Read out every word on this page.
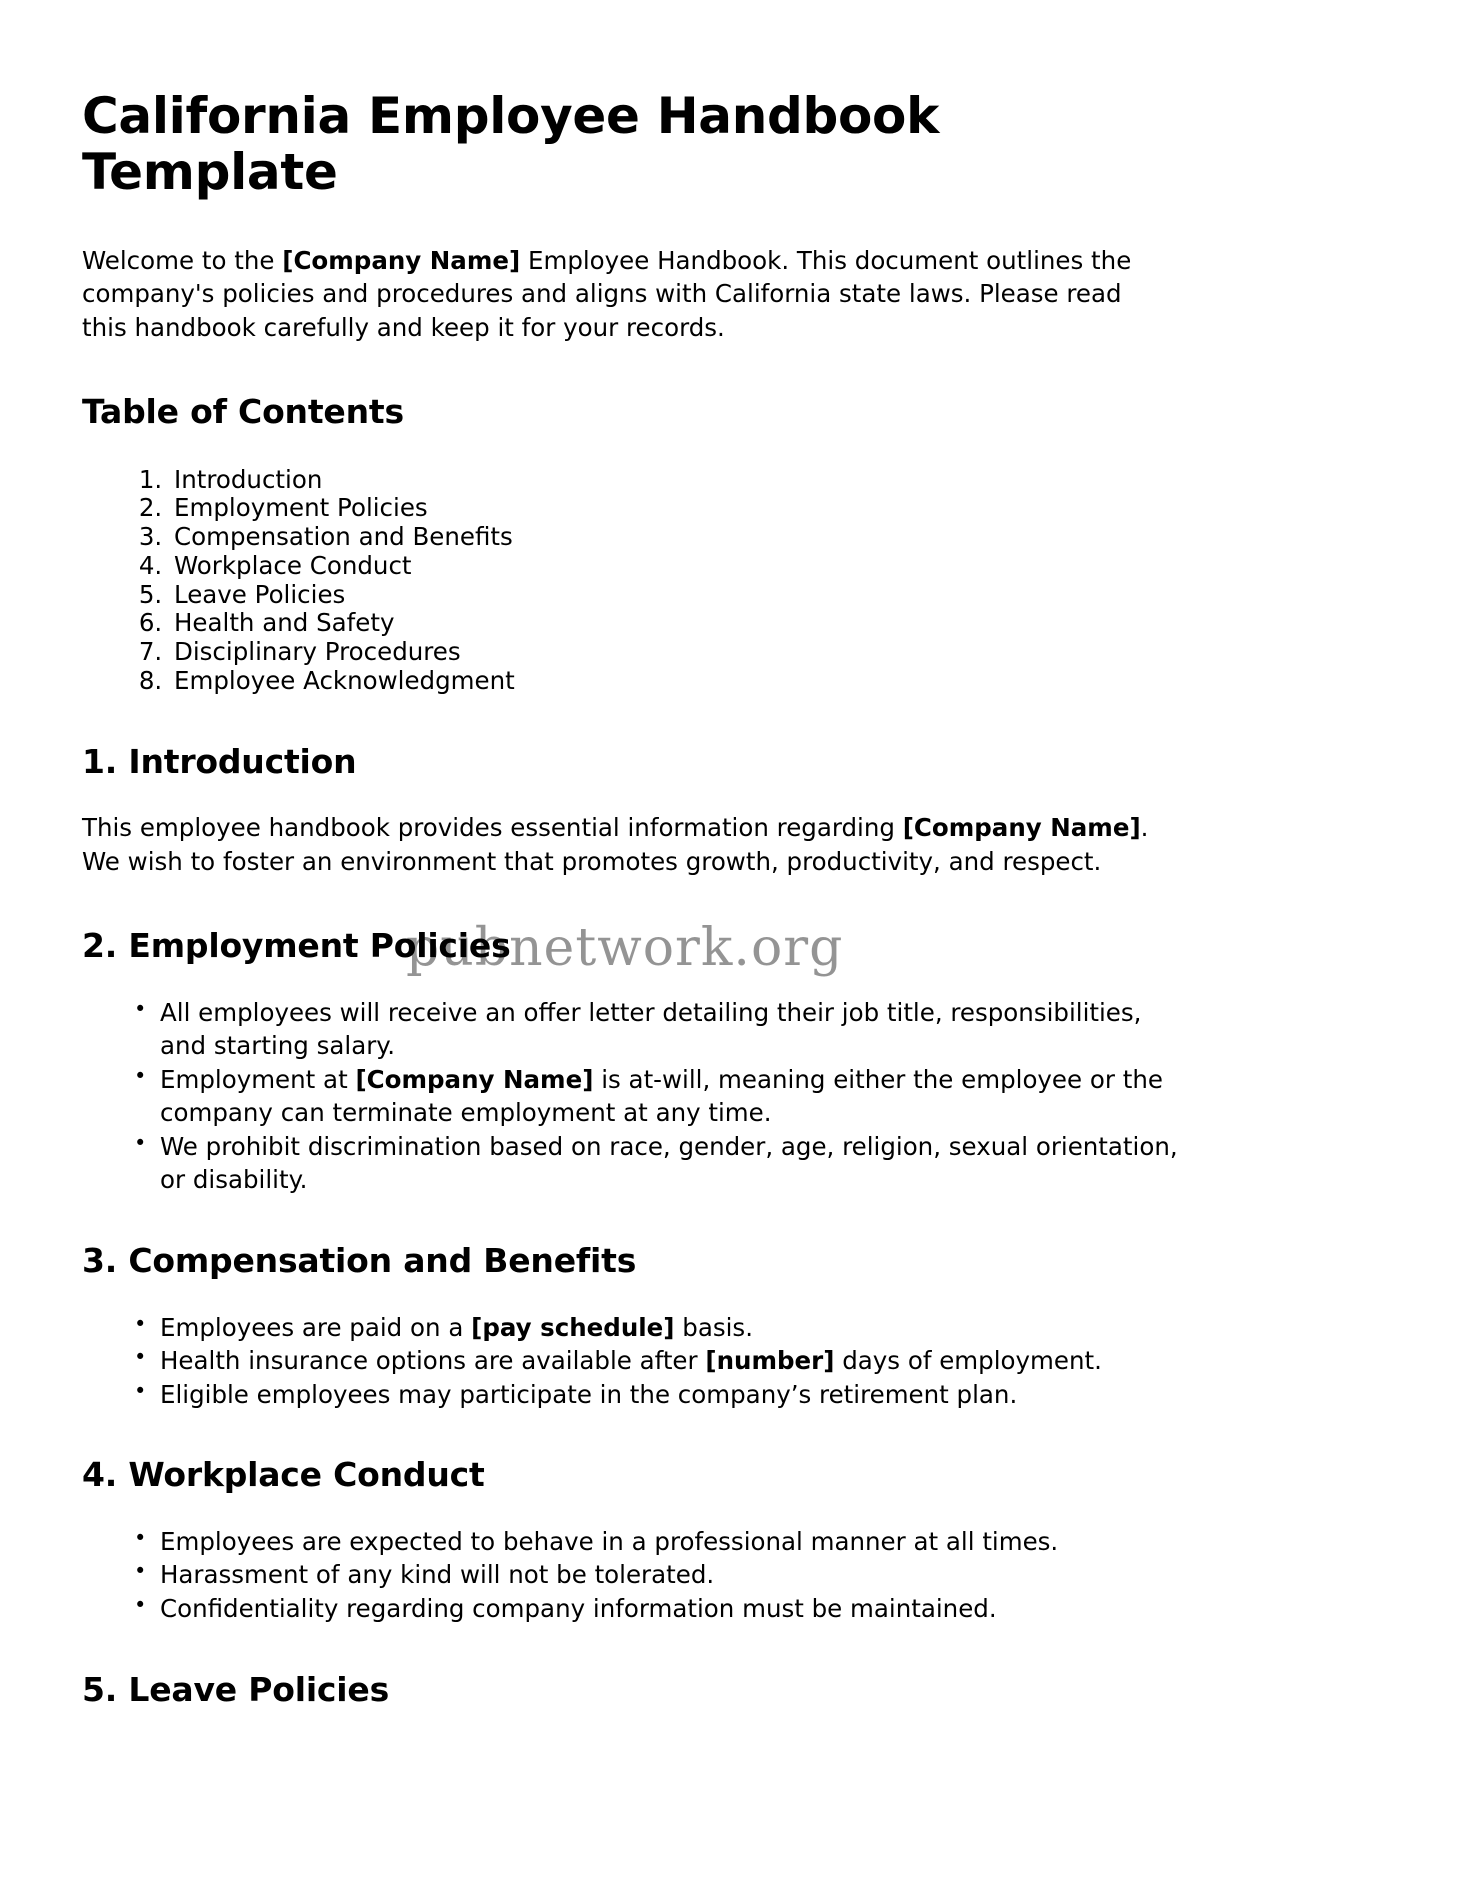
California Employee Handbook Template

Welcome to the [Company Name] Employee Handbook. This document outlines the company's policies and procedures and aligns with California state laws. Please read this handbook carefully and keep it for your records.

Table of Contents
1. Introduction
2. Employment Policies
3. Compensation and Benefits
4. Workplace Conduct
5. Leave Policies
6. Health and Safety
7. Disciplinary Procedures
8. Employee Acknowledgment
1. Introduction

This employee handbook provides essential information regarding [Company Name]. We wish to foster an environment that promotes growth, productivity, and respect.

2. Employment Policies
• All employees will receive an offer letter detailing their job title, responsibilities, and starting salary.
• Employment at [Company Name] is at-will, meaning either the employee or the company can terminate employment at any time.
• We prohibit discrimination based on race, gender, age, religion, sexual orientation, or disability.
3. Compensation and Benefits
• Employees are paid on a [pay schedule] basis.
• Health insurance options are available after [number] days of employment.
• Eligible employees may participate in the company’s retirement plan.
4. Workplace Conduct
• Employees are expected to behave in a professional manner at all times.
• Harassment of any kind will not be tolerated.
• Confidentiality regarding company information must be maintained.
5. Leave Policies
pubnetwork.org
